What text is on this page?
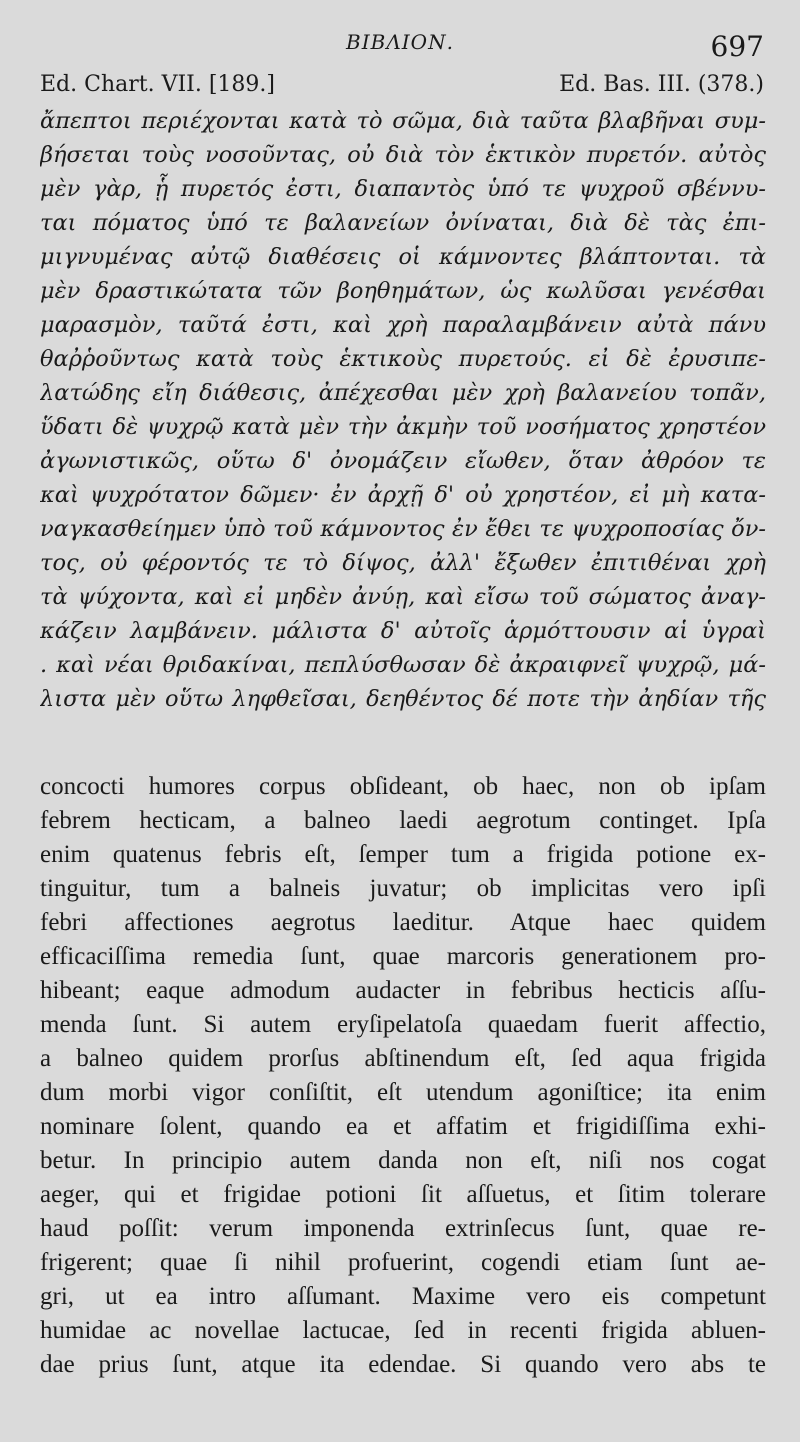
ΒΙΒΛΙΟΝ.	697
Ed. Chart. VII. [189.]	Ed. Bas. III. (378.)
ἄπεπτοι περιέχονται κατὰ τὸ σῶμα, διὰ ταῦτα βλαβῆναι συμ-
βήσεται τοὺς νοσοῦντας, οὐ διὰ τὸν ἑκτικὸν πυρετόν. αὐτὸς
μὲν γὰρ, ᾗ πυρετός ἐστι, διαπαντὸς ὑπό τε ψυχροῦ σβέννυ-
ται πόματος ὑπό τε βαλανείων ὀνίναται, διὰ δὲ τὰς ἐπι-
μιγνυμένας αὐτῷ διαθέσεις οἱ κάμνοντες βλάπτονται. τὰ
μὲν δραστικώτατα τῶν βοηθημάτων, ὡς κωλῦσαι γενέσθαι
μαρασμὸν, ταῦτά ἐστι, καὶ χρὴ παραλαμβάνειν αὐτὰ πάνυ
θαῤῥοῦντως κατὰ τοὺς ἑκτικοὺς πυρετούς. εἰ δὲ ἐρυσιπε-
λατώδης εἴη διάθεσις, ἀπέχεσθαι μὲν χρὴ βαλανείου τοπᾶν,
ὕδατι δὲ ψυχρῷ κατὰ μὲν τὴν ἀκμὴν τοῦ νοσήματος χρηστέον
ἀγωνιστικῶς, οὕτω δ' ὀνομάζειν εἴωθεν, ὅταν ἀθρόον τε
καὶ ψυχρότατον δῶμεν· ἐν ἀρχῇ δ' οὐ χρηστέον, εἰ μὴ κατα-
ναγκασθείημεν ὑπὸ τοῦ κάμνοντος ἐν ἔθει τε ψυχροποσίας ὄν-
τος, οὐ φέροντός τε τὸ δίψος, ἀλλ' ἔξωθεν ἐπιτιθέναι χρὴ
τὰ ψύχοντα, καὶ εἰ μηδὲν ἀνύῃ, καὶ εἴσω τοῦ σώματος ἀναγ-
κάζειν λαμβάνειν. μάλιστα δ' αὐτοῖς ἁρμόττουσιν αἱ ὑγραὶ
. καὶ νέαι θριδακίναι, πεπλύσθωσαν δὲ ἀκραιφνεῖ ψυχρῷ, μά-
λιστα μὲν οὕτω ληφθεῖσαι, δεηθέντος δέ ποτε τὴν ἀηδίαν τῆς
concocti humores corpus obſideant, ob haec, non ob ipſam
febrem hecticam, a balneo laedi aegrotum continget. Ipſa
enim quatenus febris eſt, ſemper tum a frigida potione ex-
tinguitur, tum a balneis juvatur; ob implicitas vero ipſi
febri affectiones aegrotus laeditur. Atque haec quidem
efficaciſſima remedia ſunt, quae marcoris generationem pro-
hibeant; eaque admodum audacter in febribus hecticis aſſu-
menda ſunt. Si autem eryſipelatoſa quaedam fuerit affectio,
a balneo quidem prorſus abſtinendum eſt, ſed aqua frigida
dum morbi vigor conſiſtit, eſt utendum agoniſtice; ita enim
nominare ſolent, quando ea et affatim et frigidiſſima exhi-
betur. In principio autem danda non eſt, niſi nos cogat
aeger, qui et frigidae potioni ſit aſſuetus, et ſitim tolerare
haud poſſit: verum imponenda extrinſecus ſunt, quae re-
frigerent; quae ſi nihil profuerint, cogendi etiam ſunt ae-
gri, ut ea intro aſſumant. Maxime vero eis competunt
humidae ac novellae lactucae, ſed in recenti frigida abluen-
dae prius ſunt, atque ita edendae. Si quando vero abs te
